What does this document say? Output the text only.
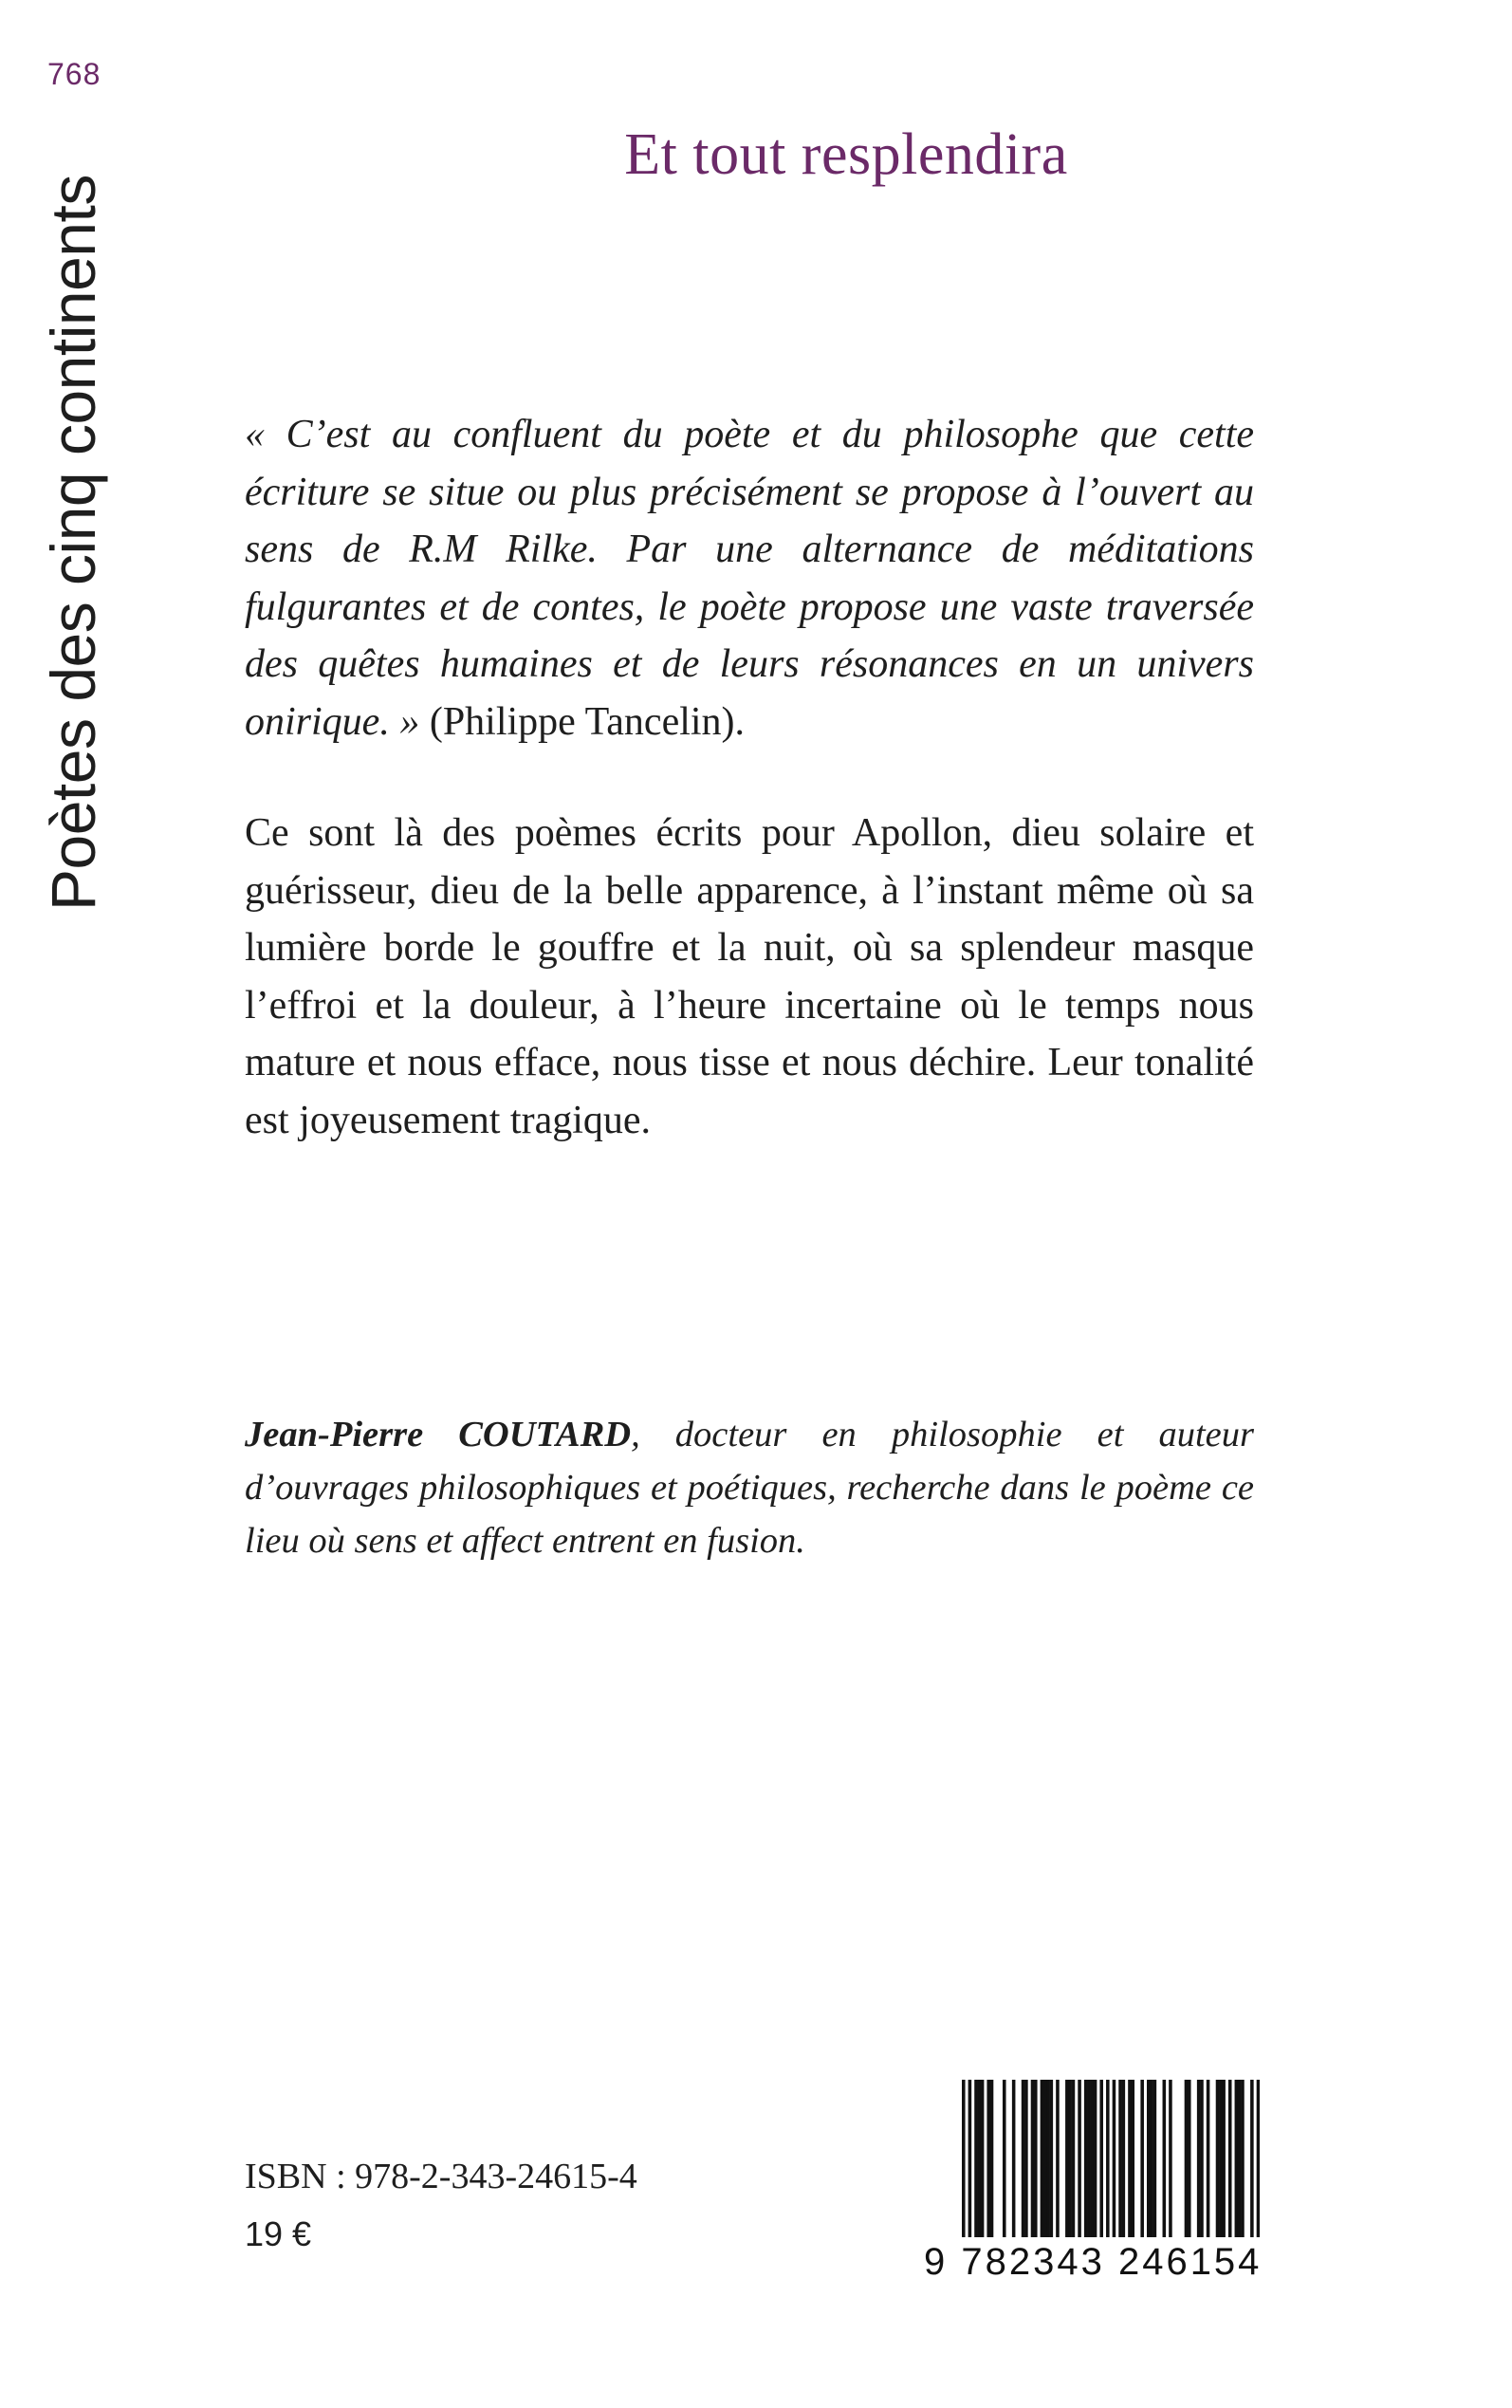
768
Poètes des cinq continents
Et tout resplendira
« C’est au confluent du poète et du philosophe que cette écriture se situe ou plus précisément se propose à l’ouvert au sens de R.M Rilke. Par une alternance de méditations fulgurantes et de contes, le poète propose une vaste traversée des quêtes humaines et de leurs résonances en un univers onirique. » (Philippe Tancelin).
Ce sont là des poèmes écrits pour Apollon, dieu solaire et guérisseur, dieu de la belle apparence, à l’instant même où sa lumière borde le gouffre et la nuit, où sa splendeur masque l’effroi et la douleur, à l’heure incertaine où le temps nous mature et nous efface, nous tisse et nous déchire. Leur tonalité est joyeusement tragique.
Jean-Pierre COUTARD, docteur en philosophie et auteur d’ouvrages philosophiques et poétiques, recherche dans le poème ce lieu où sens et affect entrent en fusion.
ISBN : 978-2-343-24615-4
19 €
9 782343 246154
